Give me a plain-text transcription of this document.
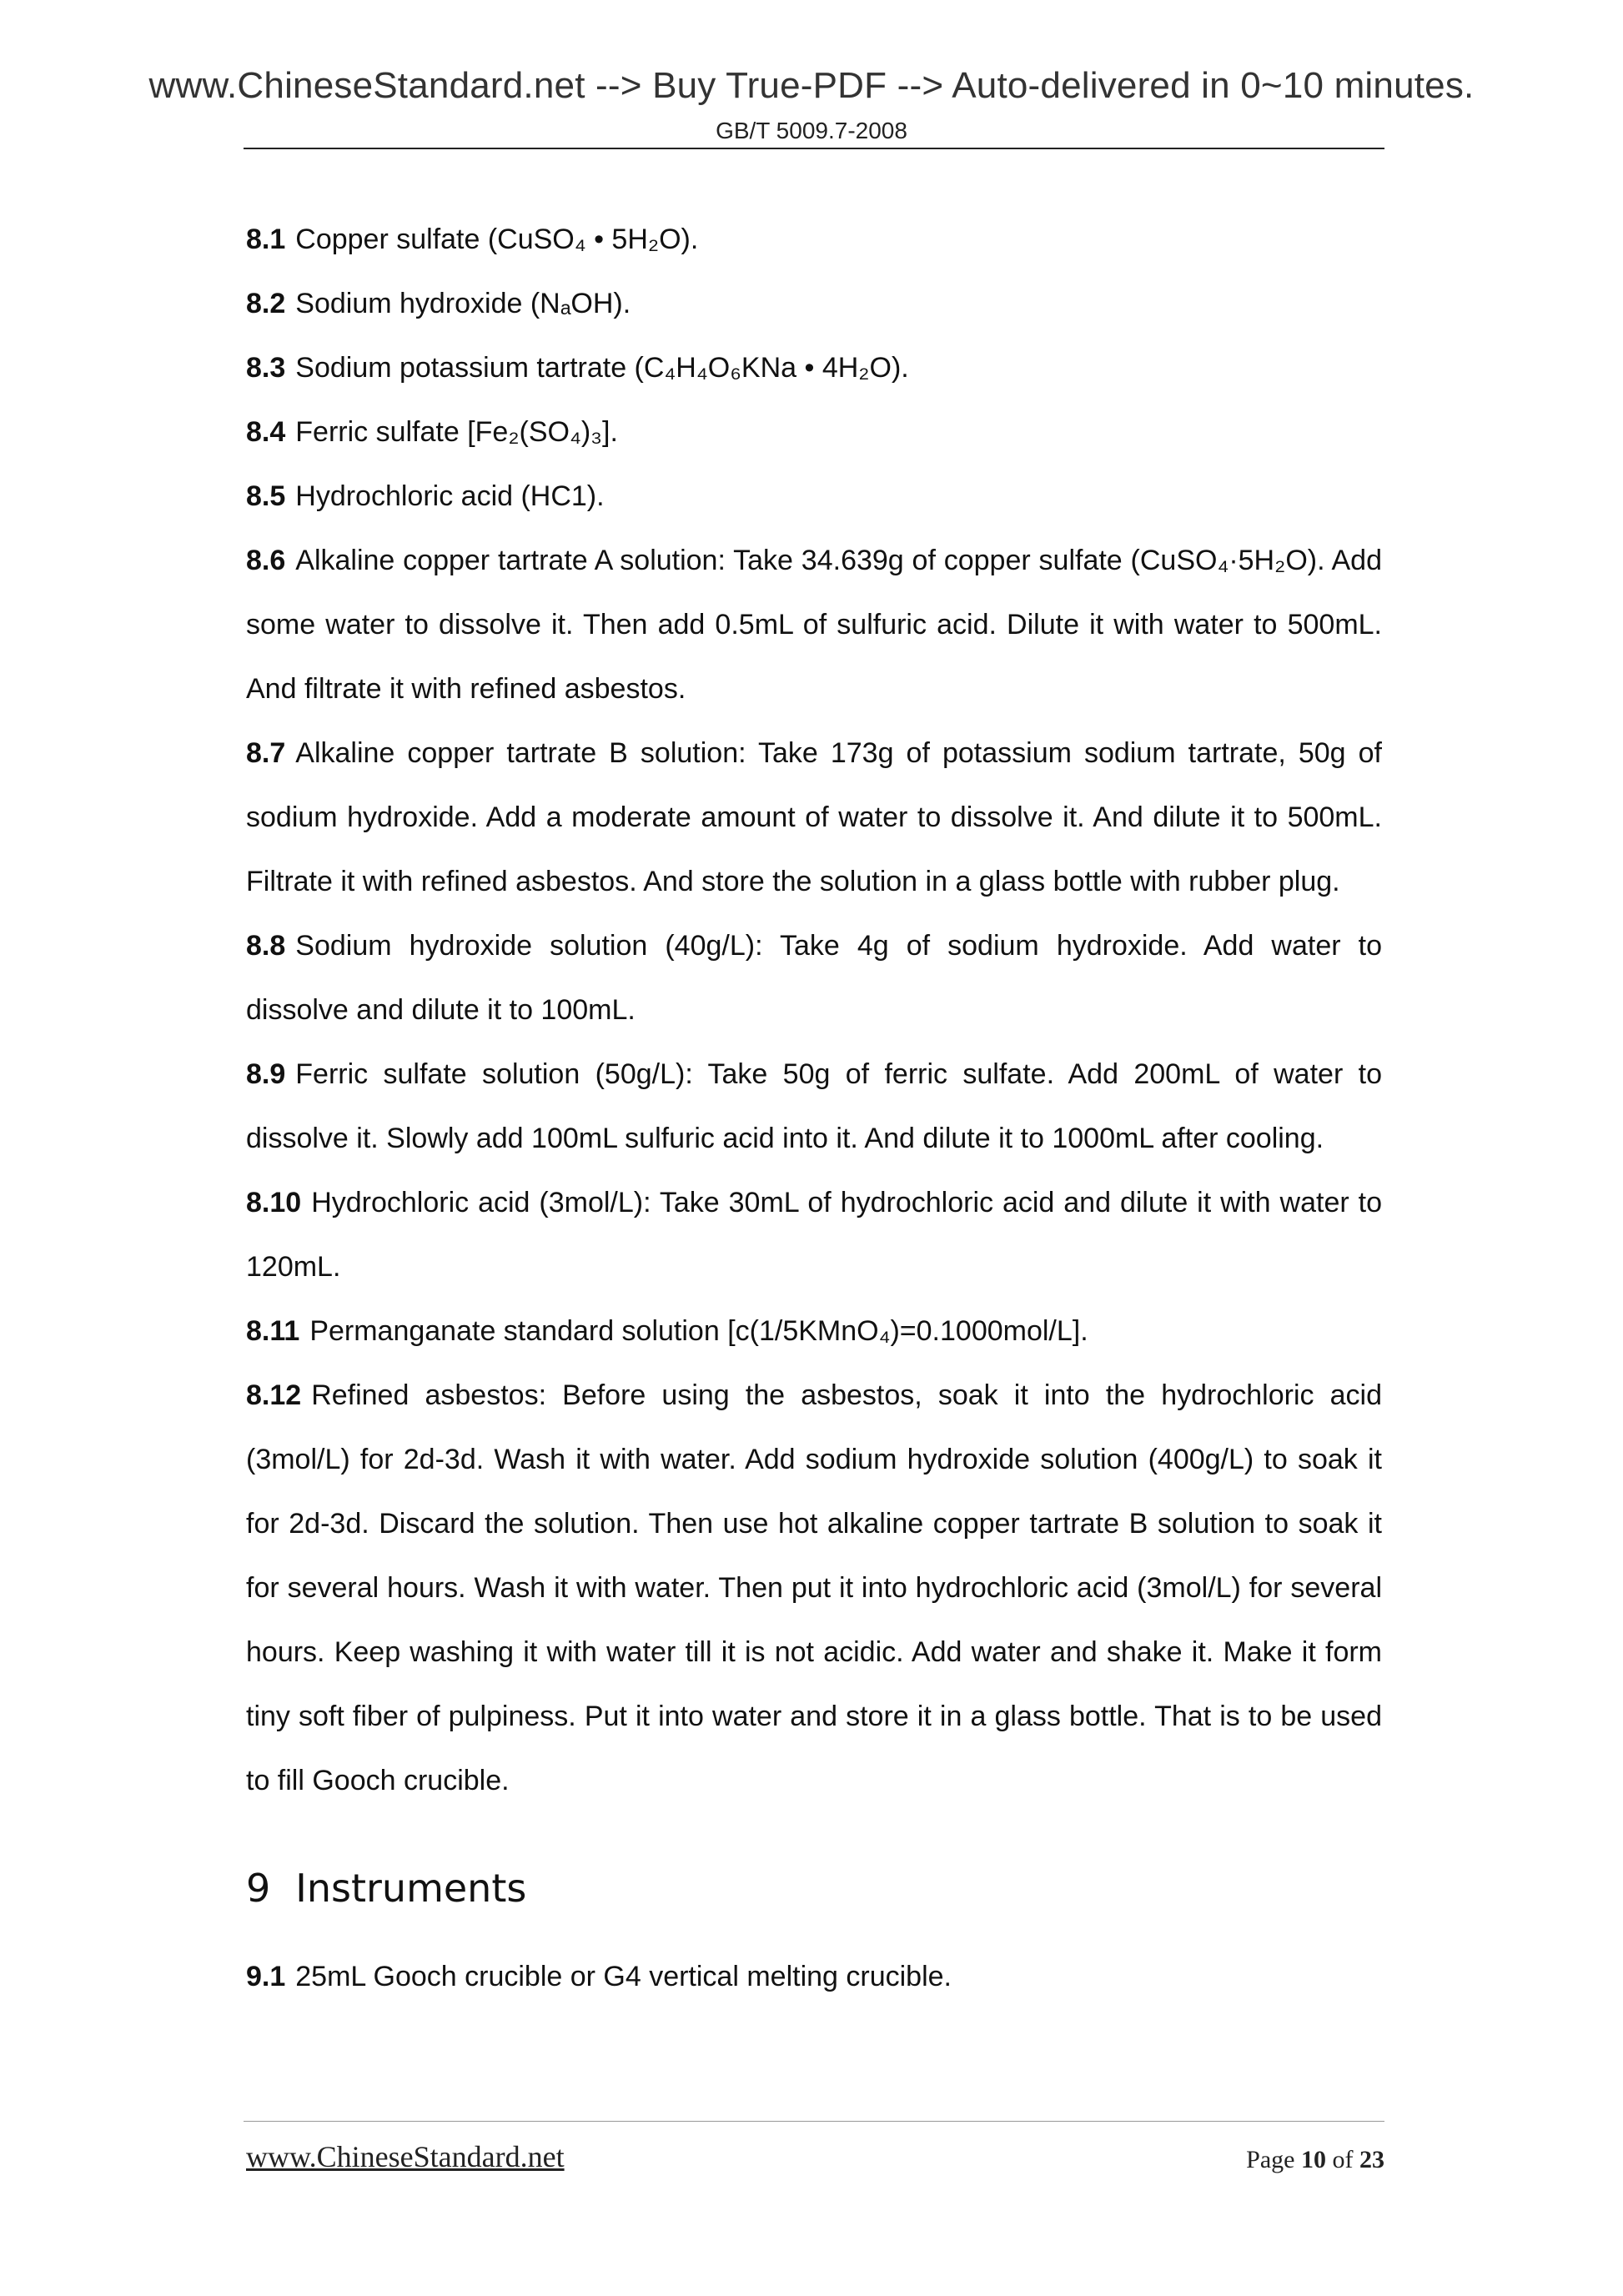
www.ChineseStandard.net --> Buy True-PDF --> Auto-delivered in 0~10 minutes.
GB/T 5009.7-2008

8.1 Copper sulfate (CuSO₄ • 5H₂O).

8.2 Sodium hydroxide (NₐOH).

8.3 Sodium potassium tartrate (C₄H₄O₆KNa • 4H₂O).

8.4 Ferric sulfate [Fe₂(SO₄)₃].

8.5 Hydrochloric acid (HC1).

8.6 Alkaline copper tartrate A solution: Take 34.639g of copper sulfate (CuSO₄·5H₂O). Add some water to dissolve it. Then add 0.5mL of sulfuric acid. Dilute it with water to 500mL. And filtrate it with refined asbestos.

8.7 Alkaline copper tartrate B solution: Take 173g of potassium sodium tartrate, 50g of sodium hydroxide. Add a moderate amount of water to dissolve it. And dilute it to 500mL. Filtrate it with refined asbestos. And store the solution in a glass bottle with rubber plug.

8.8 Sodium hydroxide solution (40g/L): Take 4g of sodium hydroxide. Add water to dissolve and dilute it to 100mL.

8.9 Ferric sulfate solution (50g/L): Take 50g of ferric sulfate. Add 200mL of water to dissolve it. Slowly add 100mL sulfuric acid into it. And dilute it to 1000mL after cooling.

8.10 Hydrochloric acid (3mol/L): Take 30mL of hydrochloric acid and dilute it with water to 120mL.

8.11 Permanganate standard solution [c(1/5KMnO₄)=0.1000mol/L].

8.12 Refined asbestos: Before using the asbestos, soak it into the hydrochloric acid (3mol/L) for 2d-3d. Wash it with water. Add sodium hydroxide solution (400g/L) to soak it for 2d-3d. Discard the solution. Then use hot alkaline copper tartrate B solution to soak it for several hours. Wash it with water. Then put it into hydrochloric acid (3mol/L) for several hours. Keep washing it with water till it is not acidic. Add water and shake it. Make it form tiny soft fiber of pulpiness. Put it into water and store it in a glass bottle. That is to be used to fill Gooch crucible.

9 Instruments

9.1 25mL Gooch crucible or G4 vertical melting crucible.

www.ChineseStandard.net	Page 10 of 23
